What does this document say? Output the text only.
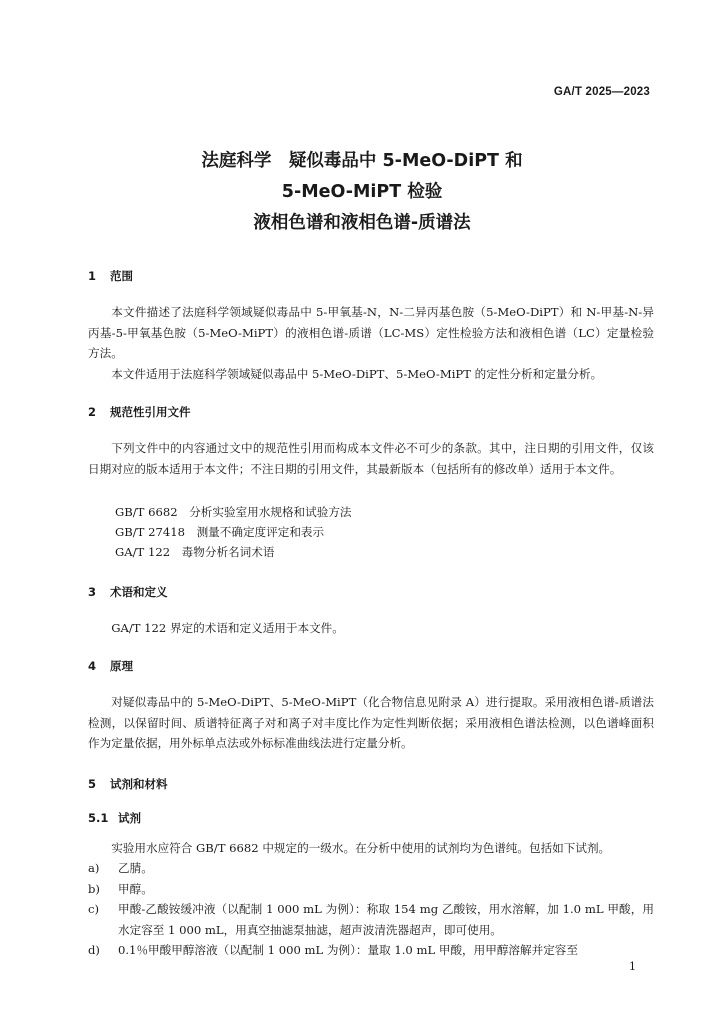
GA/T 2025—2023
法庭科学　疑似毒品中 5-MeO-DiPT 和
5-MeO-MiPT 检验
液相色谱和液相色谱-质谱法
1 范围
本文件描述了法庭科学领域疑似毒品中 5-甲氧基-N，N-二异丙基色胺（5-MeO-DiPT）和 N-甲基-N-异丙基-5-甲氧基色胺（5-MeO-MiPT）的液相色谱-质谱（LC-MS）定性检验方法和液相色谱（LC）定量检验方法。
本文件适用于法庭科学领域疑似毒品中 5-MeO-DiPT、5-MeO-MiPT 的定性分析和定量分析。
2 规范性引用文件
下列文件中的内容通过文中的规范性引用而构成本文件必不可少的条款。其中，注日期的引用文件，仅该日期对应的版本适用于本文件；不注日期的引用文件，其最新版本（包括所有的修改单）适用于本文件。
GB/T 6682　分析实验室用水规格和试验方法
GB/T 27418　测量不确定度评定和表示
GA/T 122　毒物分析名词术语
3 术语和定义
GA/T 122 界定的术语和定义适用于本文件。
4 原理
对疑似毒品中的 5-MeO-DiPT、5-MeO-MiPT（化合物信息见附录 A）进行提取。采用液相色谱-质谱法检测，以保留时间、质谱特征离子对和离子对丰度比作为定性判断依据；采用液相色谱法检测，以色谱峰面积作为定量依据，用外标单点法或外标标准曲线法进行定量分析。
5 试剂和材料
5.1 试剂
实验用水应符合 GB/T 6682 中规定的一级水。在分析中使用的试剂均为色谱纯。包括如下试剂。
a)	乙腈。
b)	甲醇。
c)	甲酸-乙酸铵缓冲液（以配制 1 000 mL 为例）：称取 154 mg 乙酸铵，用水溶解，加 1.0 mL 甲酸，用水定容至 1 000 mL，用真空抽滤泵抽滤，超声波清洗器超声，即可使用。
d)	0.1％甲酸甲醇溶液（以配制 1 000 mL 为例）：量取 1.0 mL 甲酸，用甲醇溶解并定容至
1
